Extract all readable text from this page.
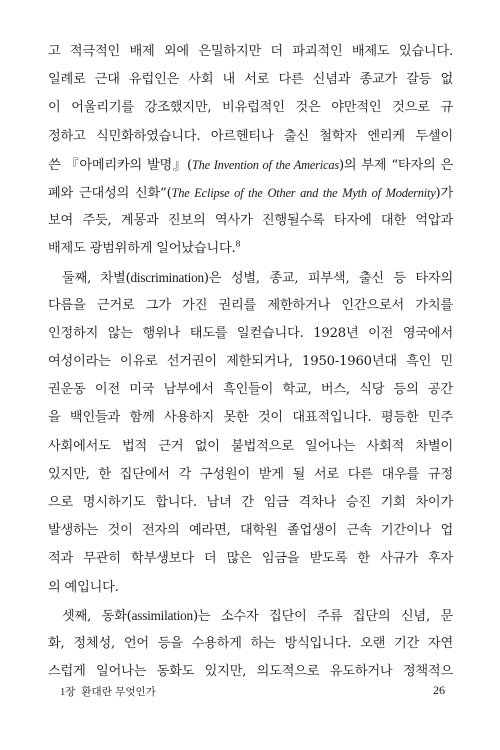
고 적극적인 배제 외에 은밀하지만 더 파괴적인 배제도 있습니다.
일례로 근대 유럽인은 사회 내 서로 다른 신념과 종교가 갈등 없
이 어울리기를 강조했지만, 비유럽적인 것은 야만적인 것으로 규
정하고 식민화하였습니다. 아르헨티나 출신 철학자 엔리케 두셀이
쓴 『아메리카의 발명』(The Invention of the Americas)의 부제 “타자의 은
폐와 근대성의 신화”(The Eclipse of the Other and the Myth of Modernity)가
보여 주듯, 계몽과 진보의 역사가 진행될수록 타자에 대한 억압과
배제도 광범위하게 일어났습니다.$^8$
둘째, 차별(discrimination)은 성별, 종교, 피부색, 출신 등 타자의
다름을 근거로 그가 가진 권리를 제한하거나 인간으로서 가치를
인정하지 않는 행위나 태도를 일컫습니다. 1928년 이전 영국에서
여성이라는 이유로 선거권이 제한되거나, 1950-1960년대 흑인 민
권운동 이전 미국 남부에서 흑인들이 학교, 버스, 식당 등의 공간
을 백인들과 함께 사용하지 못한 것이 대표적입니다. 평등한 민주
사회에서도 법적 근거 없이 불법적으로 일어나는 사회적 차별이
있지만, 한 집단에서 각 구성원이 받게 될 서로 다른 대우를 규정
으로 명시하기도 합니다. 남녀 간 임금 격차나 승진 기회 차이가
발생하는 것이 전자의 예라면, 대학원 졸업생이 근속 기간이나 업
적과 무관히 학부생보다 더 많은 임금을 받도록 한 사규가 후자
의 예입니다.
셋째, 동화(assimilation)는 소수자 집단이 주류 집단의 신념, 문
화, 정체성, 언어 등을 수용하게 하는 방식입니다. 오랜 기간 자연
스럽게 일어나는 동화도 있지만, 의도적으로 유도하거나 정책적으
1장 환대란 무엇인가	26
